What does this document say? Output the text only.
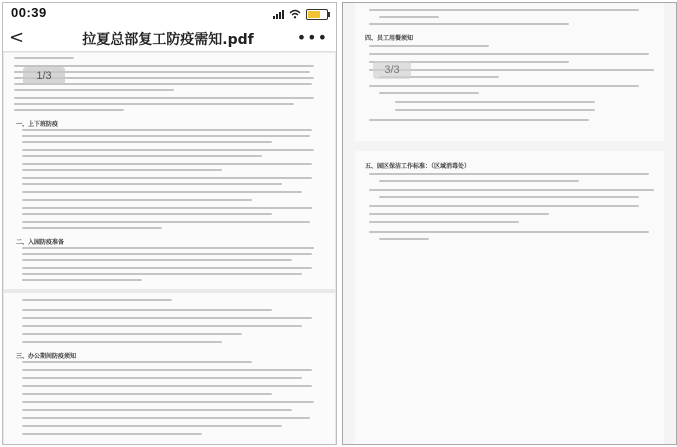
00:39
<	拉夏总部复工防疫需知.pdf	•••
一、上下班防疫
二、入园防疫准备
1/3
三、办公期间防疫须知
四、员工用餐须知
3/3
五、园区保洁工作标准：（区域消毒处）
